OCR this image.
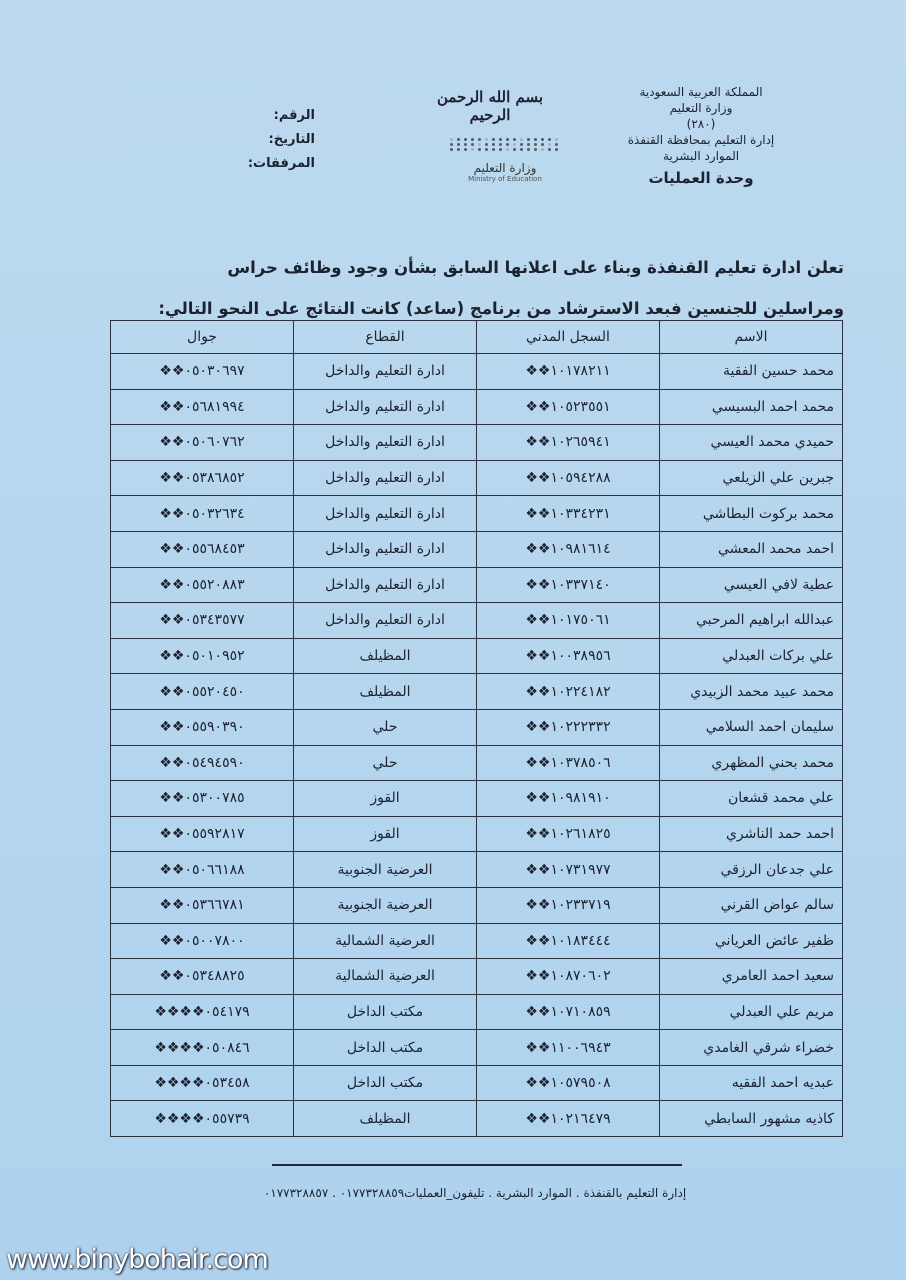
المملكة العربية السعودية
وزارة التعليم
(٢٨٠)
إدارة التعليم بمحافظة القنفذة
الموارد البشرية
وحدة العمليات
بسم الله الرحمن الرحيم
وزارة التعليم
Ministry of Education
الرقم:
التاريخ:
المرفقات:
تعلن ادارة تعليم القنفذة وبناء على اعلانها السابق بشأن وجود وظائف حراس ومراسلين للجنسين فبعد الاسترشاد من برنامج (ساعد) كانت النتائج على النحو التالي:
الاسم	السجل المدني	القطاع	جوال
محمد حسين الفقية	❖❖١٠١٧٨٢١١	ادارة التعليم والداخل	❖❖٠٥٠٣٠٦٩٧
محمد احمد البسيسي	❖❖١٠٥٢٣٥٥١	ادارة التعليم والداخل	❖❖٠٥٦٨١٩٩٤
حميدي محمد العيسي	❖❖١٠٢٦٥٩٤١	ادارة التعليم والداخل	❖❖٠٥٠٦٠٧٦٢
جبرين علي الزيلعي	❖❖١٠٥٩٤٢٨٨	ادارة التعليم والداخل	❖❖٠٥٣٨٦٨٥٢
محمد بركوت البطاشي	❖❖١٠٣٣٤٢٣١	ادارة التعليم والداخل	❖❖٠٥٠٣٢٦٣٤
احمد محمد المعشي	❖❖١٠٩٨١٦١٤	ادارة التعليم والداخل	❖❖٠٥٥٦٨٤٥٣
عطية لافي العيسي	❖❖١٠٣٣٧١٤٠	ادارة التعليم والداخل	❖❖٠٥٥٢٠٨٨٣
عبدالله ابراهيم المرحبي	❖❖١٠١٧٥٠٦١	ادارة التعليم والداخل	❖❖٠٥٣٤٣٥٧٧
علي بركات العبدلي	❖❖١٠٠٣٨٩٥٦	المظيلف	❖❖٠٥٠١٠٩٥٢
محمد عبيد محمد الزبيدي	❖❖١٠٢٢٤١٨٢	المظيلف	❖❖٠٥٥٢٠٤٥٠
سليمان احمد السلامي	❖❖١٠٢٢٢٣٣٢	حلي	❖❖٠٥٥٩٠٣٩٠
محمد بحني المظهري	❖❖١٠٣٧٨٥٠٦	حلي	❖❖٠٥٤٩٤٥٩٠
علي محمد قشعان	❖❖١٠٩٨١٩١٠	القوز	❖❖٠٥٣٠٠٧٨٥
احمد حمد الناشري	❖❖١٠٢٦١٨٢٥	القوز	❖❖٠٥٥٩٢٨١٧
علي جدعان الرزقي	❖❖١٠٧٣١٩٧٧	العرضية الجنوبية	❖❖٠٥٠٦٦١٨٨
سالم عواض القرني	❖❖١٠٢٣٣٧١٩	العرضية الجنوبية	❖❖٠٥٣٦٦٧٨١
ظفير عائض العرياني	❖❖١٠١٨٣٤٤٤	العرضية الشمالية	❖❖٠٥٠٠٧٨٠٠
سعيد احمد العامري	❖❖١٠٨٧٠٦٠٢	العرضية الشمالية	❖❖٠٥٣٤٨٨٢٥
مريم علي العبدلي	❖❖١٠٧١٠٨٥٩	مكتب الداخل	❖❖❖❖٠٥٤١٧٩
خضراء شرقي الغامدي	❖❖١١٠٠٦٩٤٣	مكتب الداخل	❖❖❖❖٠٥٠٨٤٦
عبديه احمد الفقيه	❖❖١٠٥٧٩٥٠٨	مكتب الداخل	❖❖❖❖٠٥٣٤٥٨
كاذيه مشهور السابطي	❖❖١٠٢١٦٤٧٩	المظيلف	❖❖❖❖٠٥٥٧٣٩
إدارة التعليم بالقنفذة . الموارد البشرية . تليفون_العمليات٠١٧٧٣٢٨٨٥٩ . ٠١٧٧٣٢٨٨٥٧
www.binybohair.com
